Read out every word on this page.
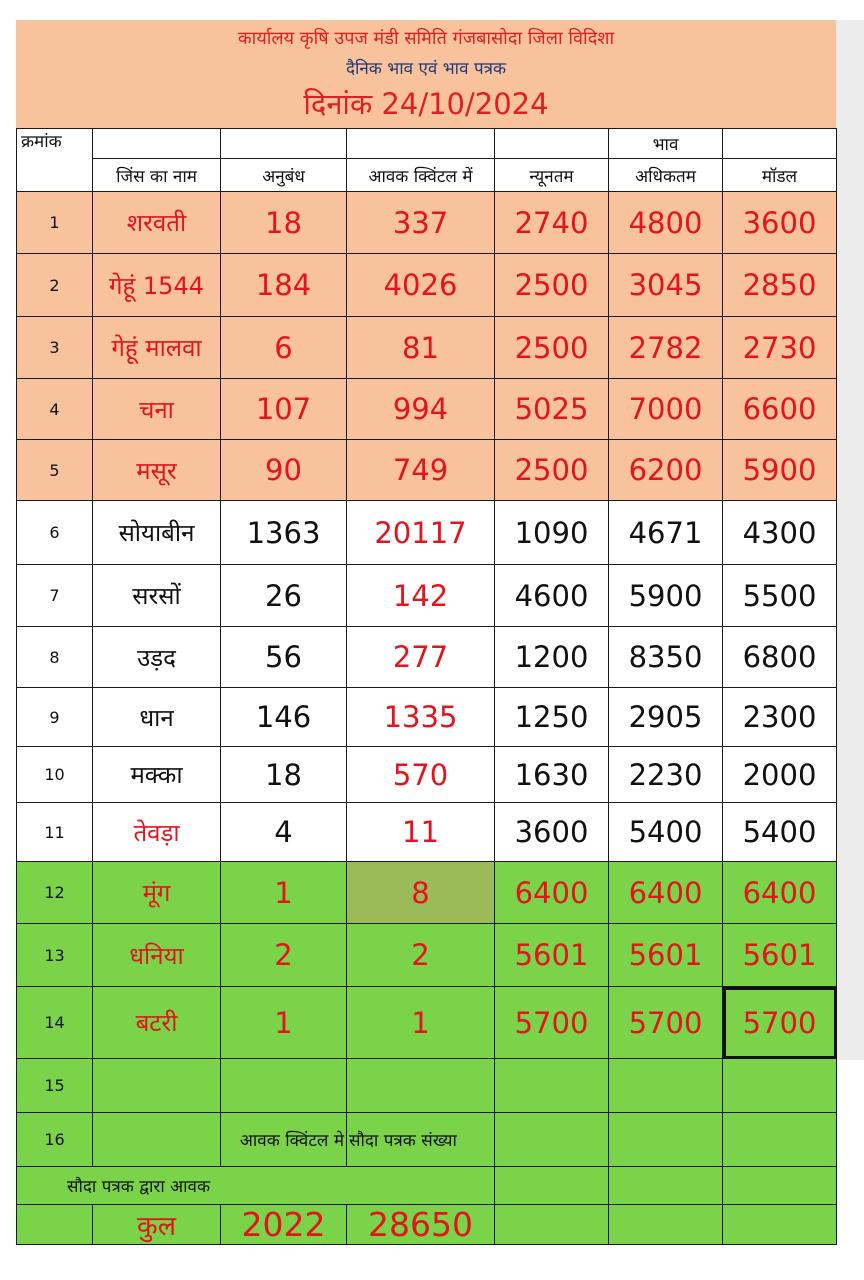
कार्यालय कृषि उपज मंडी समिति गंजबासोदा जिला विदिशा
दैनिक भाव एवं भाव पत्रक
दिनांक 24/10/2024
क्रमांक					भाव	
	जिंस का नाम	अनुबंध	आवक क्विंटल में	न्यूनतम	अधिकतम	मॉडल
1	शरवती	18	337	2740	4800	3600
2	गेहूं 1544	184	4026	2500	3045	2850
3	गेहूं मालवा	6	81	2500	2782	2730
4	चना	107	994	5025	7000	6600
5	मसूर	90	749	2500	6200	5900
6	सोयाबीन	1363	20117	1090	4671	4300
7	सरसों	26	142	4600	5900	5500
8	उड़द	56	277	1200	8350	6800
9	धान	146	1335	1250	2905	2300
10	मक्का	18	570	1630	2230	2000
11	तेवड़ा	4	11	3600	5400	5400
12	मूंग	1	8	6400	6400	6400
13	धनिया	2	2	5601	5601	5601
14	बटरी	1	1	5700	5700	5700
15						
16		आवक क्विंटल मे	सौदा पत्रक संख्या			
सौदा पत्रक द्वारा आवक						
	कुल	2022	28650			
